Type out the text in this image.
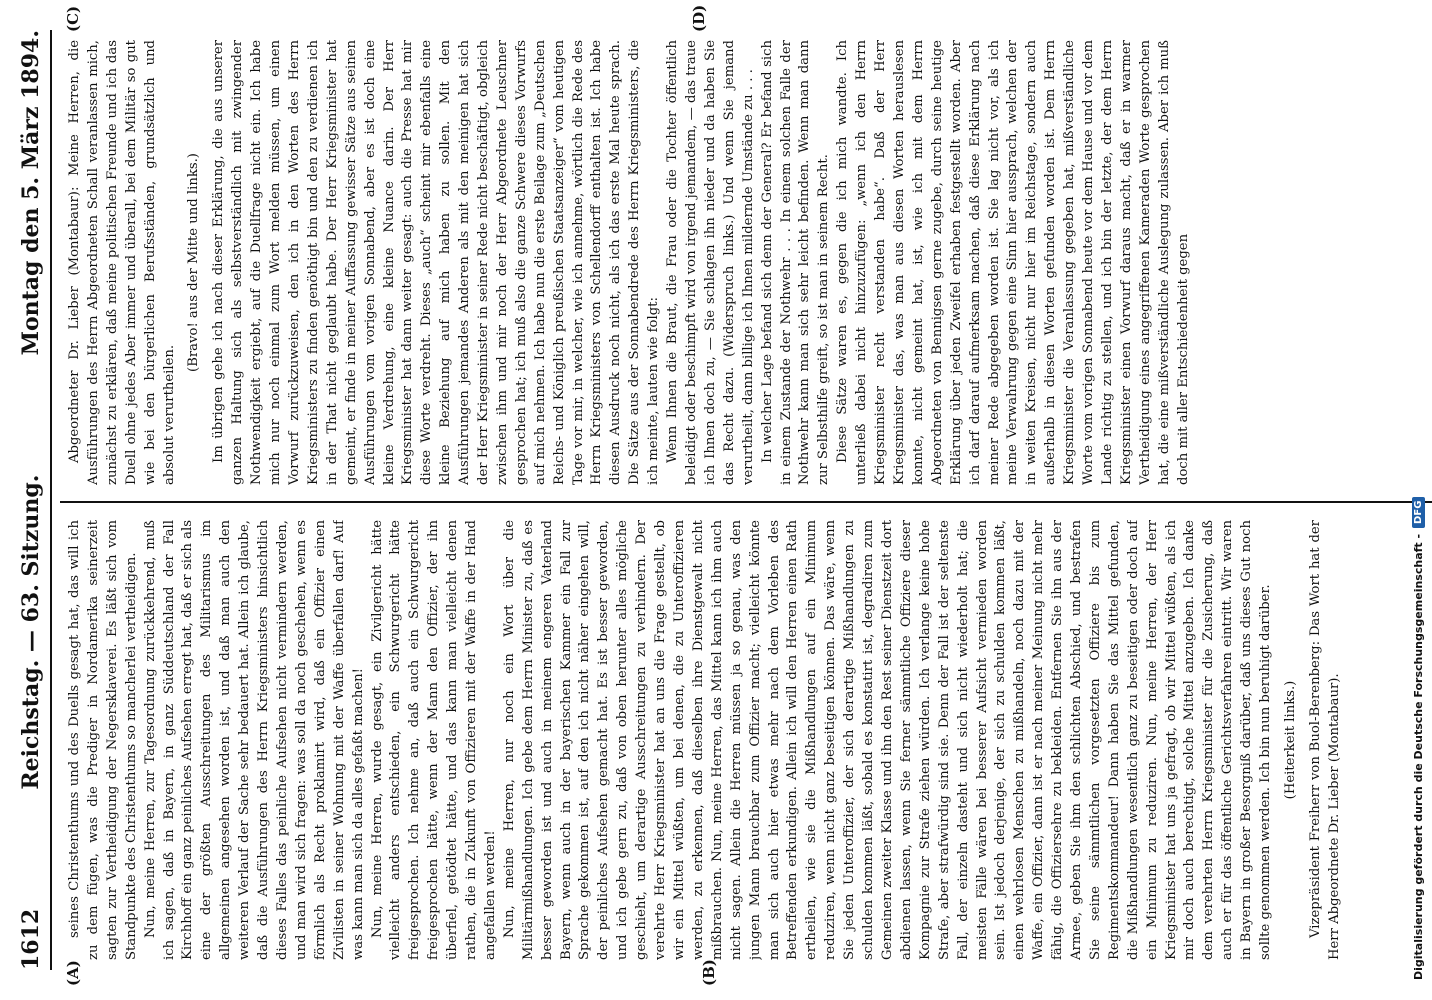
1612
Reichstag. — 63. Sitzung.
Montag den 5. März 1894.
(A)	(B)
(C)	(D)

seines Christenthums und des Duells gesagt hat, das will ich zu dem fügen, was die Prediger in Nordamerika seinerzeit sagten zur Vertheidigung der Negersklaverei. Es läßt sich vom Standpunkte des Christenthums so mancherlei vertheidigen. Nun, meine Herren, zur Tagesordnung zurückkehrend, muß ich sagen, daß in Bayern, in ganz Süddeutschland der Fall Kirchhoff ein ganz peinliches Aufsehen erregt hat, daß er sich als eine der größten Ausschreitungen des Militarismus im allgemeinen angesehen worden ist, und daß man auch den weiteren Verlauf der Sache sehr bedauert hat. Allein ich glaube, daß die Ausführungen des Herrn Kriegsministers hinsichtlich dieses Falles das peinliche Aufsehen nicht vermindern werden, und man wird sich fragen: was soll da noch geschehen, wenn es förmlich als Recht proklamirt wird, daß ein Offizier einen Zivilisten in seiner Wohnung mit der Waffe überfallen darf! Auf was kann man sich da alles gefaßt machen! Nun, meine Herren, wurde gesagt, ein Zivilgericht hätte vielleicht anders entschieden, ein Schwurgericht hätte freigesprochen. Ich nehme an, daß auch ein Schwurgericht freigesprochen hätte, wenn der Mann den Offizier, der ihn überfiel, getödtet hätte, und das kann man vielleicht denen rathen, die in Zukunft von Offizieren mit der Waffe in der Hand angefallen werden! Nun, meine Herren, nur noch ein Wort über die Militärmißhandlungen. Ich gebe dem Herrn Minister zu, daß es besser geworden ist und auch in meinem engeren Vaterland Bayern, wenn auch in der bayerischen Kammer ein Fall zur Sprache gekommen ist, auf den ich nicht näher eingehen will, der peinliches Aufsehen gemacht hat. Es ist besser geworden, und ich gebe gern zu, daß von oben herunter alles mögliche geschieht, um derartige Ausschreitungen zu verhindern. Der verehrte Herr Kriegsminister hat an uns die Frage gestellt, ob wir ein Mittel wüßten, um bei denen, die zu Unteroffizieren werden, zu erkennen, daß dieselben ihre Dienstgewalt nicht mißbrauchen. Nun, meine Herren, das Mittel kann ich ihm auch nicht sagen. Allein die Herren müssen ja so genau, was den jungen Mann brauchbar zum Offizier macht; vielleicht könnte man sich auch hier etwas mehr nach dem Vorleben des Betreffenden erkundigen. Allein ich will den Herren einen Rath ertheilen, wie sie die Mißhandlungen auf ein Minimum reduziren, wenn nicht ganz beseitigen können. Das wäre, wenn Sie jeden Unteroffizier, der sich derartige Mißhandlungen zu schulden kommen läßt, sobald es konstatirt ist, degradiren zum Gemeinen zweiter Klasse und ihn den Rest seiner Dienstzeit dort abdienen lassen, wenn Sie ferner sämmtliche Offiziere dieser Kompagnie zur Strafe ziehen würden. Ich verlange keine hohe Strafe, aber strafwürdig sind sie. Denn der Fall ist der seltenste Fall, der einzeln dasteht und sich nicht wiederholt hat; die meisten Fälle wären bei besserer Aufsicht vermieden worden sein. Ist jedoch derjenige, der sich zu schulden kommen läßt, einen wehrlosen Menschen zu mißhandeln, noch dazu mit der Waffe, ein Offizier, dann ist er nach meiner Meinung nicht mehr fähig, die Offiziersehre zu bekleiden. Entfernen Sie ihn aus der Armee, geben Sie ihm den schlichten Abschied, und bestrafen Sie seine sämmtlichen vorgesetzten Offiziere bis zum Regimentskommandeur! Dann haben Sie das Mittel gefunden, die Mißhandlungen wesentlich ganz zu beseitigen oder doch auf ein Minimum zu reduziren. Nun, meine Herren, der Herr Kriegsminister hat uns ja gefragt, ob wir Mittel wüßten, als ich mir doch auch berechtigt, solche Mittel anzugeben. Ich danke dem verehrten Herrn Kriegsminister für die Zusicherung, daß auch er für das öffentliche Gerichtsverfahren eintritt. Wir waren in Bayern in großer Besorgniß darüber, daß uns dieses Gut noch sollte genommen werden. Ich bin nun beruhigt darüber. (Heiterkeit links.) Vizepräsident Freiherr von Buol-Berenberg: Das Wort hat der Herr Abgeordnete Dr. Lieber (Montabaur).

Abgeordneter Dr. Lieber (Montabaur): Meine Herren, die Ausführungen des Herrn Abgeordneten Schall veranlassen mich, zunächst zu erklären, daß meine politischen Freunde und ich das Duell ohne jedes Aber immer und überall, bei dem Militär so gut wie bei den bürgerlichen Berufsständen, grundsätzlich und absolut verurtheilen.

(Bravo! aus der Mitte und links.) Im übrigen gehe ich nach dieser Erklärung, die aus unserer ganzen Haltung sich als selbstverständlich mit zwingender Nothwendigkeit ergiebt, auf die Duellfrage nicht ein. Ich habe mich nur noch einmal zum Wort melden müssen, um einen Vorwurf zurückzuweisen, den ich in den Worten des Herrn Kriegsministers zu finden genöthigt bin und den zu verdienen ich in der That nicht geglaubt habe. Der Herr Kriegsminister hat gemeint, er finde in meiner Auffassung gewisser Sätze aus seinen Ausführungen vom vorigen Sonnabend, aber es ist doch eine kleine Verdrehung, eine kleine Nuance darin. Der Herr Kriegsminister hat dann weiter gesagt: auch die Presse hat mir diese Worte verdreht. Dieses „auch“ scheint mir ebenfalls eine kleine Beziehung auf mich haben zu sollen. Mit den Ausführungen jemandes Anderen als mit den meinigen hat sich der Herr Kriegsminister in seiner Rede nicht beschäftigt, obgleich zwischen ihm und mir noch der Herr Abgeordnete Leuschner gesprochen hat; ich muß also die ganze Schwere dieses Vorwurfs auf mich nehmen. Ich habe nun die erste Beilage zum „Deutschen Reichs- und Königlich preußischen Staatsanzeiger“ vom heutigen Tage vor mir, in welcher, wie ich annehme, wörtlich die Rede des Herrn Kriegsministers von Schellendorff enthalten ist. Ich habe diesen Ausdruck noch nicht, als ich das erste Mal heute sprach. Die Sätze aus der Sonnabendrede des Herrn Kriegsministers, die ich meinte, lauten wie folgt: Wenn Ihnen die Braut, die Frau oder die Tochter öffentlich beleidigt oder beschimpft wird von irgend jemandem, — das traue ich Ihnen doch zu, — Sie schlagen ihn nieder und da haben Sie das Recht dazu. (Widerspruch links.) Und wenn Sie jemand verurtheilt, dann billige ich Ihnen mildernde Umstände zu . . . In welcher Lage befand sich denn der General? Er befand sich in einem Zustande der Nothwehr . . . In einem solchen Falle der Nothwehr kann man sich sehr leicht befinden. Wenn man dann zur Selbsthilfe greift, so ist man in seinem Recht. Diese Sätze waren es, gegen die ich mich wandte. Ich unterließ dabei nicht hinzuzufügen: „wenn ich den Herrn Kriegsminister recht verstanden habe“. Daß der Herr Kriegsminister das, was man aus diesen Worten herauslesen konnte, nicht gemeint hat, ist, wie ich mit dem Herrn Abgeordneten von Bennigsen gerne zugebe, durch seine heutige Erklärung über jeden Zweifel erhaben festgestellt worden. Aber ich darf darauf aufmerksam machen, daß diese Erklärung nach meiner Rede abgegeben worden ist. Sie lag nicht vor, als ich meine Verwahrung gegen eine Sinn hier aussprach, welchen der in weiten Kreisen, nicht nur hier im Reichstage, sondern auch außerhalb in diesen Worten gefunden worden ist. Dem Herrn Kriegsminister die Veranlassung gegeben hat, mißverständliche Worte vom vorigen Sonnabend heute vor dem Hause und vor dem Lande richtig zu stellen, und ich bin der letzte, der dem Herrn Kriegsminister einen Vorwurf daraus macht, daß er in warmer Vertheidigung eines angegriffenen Kameraden Worte gesprochen hat, die eine mißverständliche Auslegung zulassen. Aber ich muß doch mit aller Entschiedenheit gegen

Digitalisierung gefördert durch die Deutsche Forschungsgemeinschaft -
DFG
